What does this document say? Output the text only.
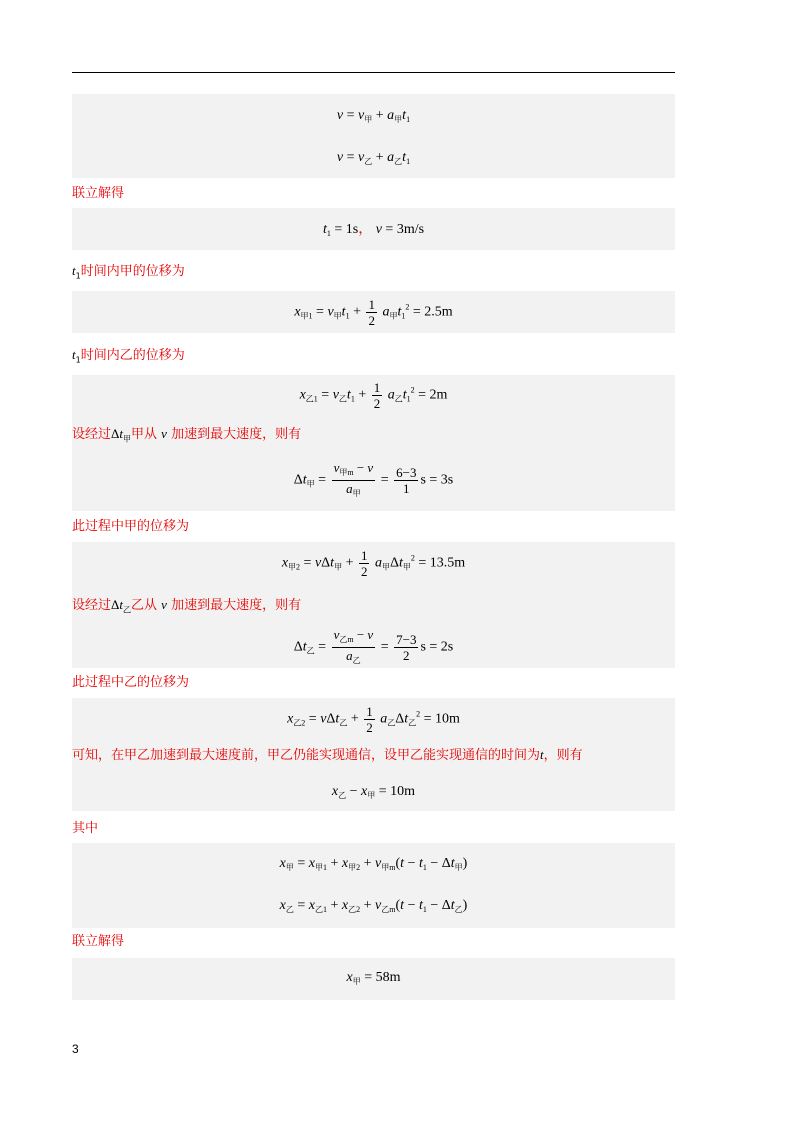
$v = v_甲 + a_甲t_1$
$v = v_乙 + a_乙t_1$
联立解得
$t_1 = 1s$， v = 3m/s
$t_1$时间内甲的位移为
$x_{甲1} = v_甲t_1 + \frac{1}{2} a_甲t_1^2 = 2.5m$
$t_1$时间内乙的位移为
$x_{乙1} = v_乙t_1 + \frac{1}{2} a_乙t_1^2 = 2m$
设经过$\Delta t_甲$甲从 v 加速到最大速度，则有
$\Delta t_甲 = \frac{v_{甲m} - v}{a_甲} = \frac{6-3}{1}$ s = 3s
此过程中甲的位移为
$x_{甲2} = v\Delta t_甲 + \frac{1}{2} a_甲\Delta t_甲^2 = 13.5m$
设经过$\Delta t_乙$乙从 v 加速到最大速度，则有
$\Delta t_乙 = \frac{v_{乙m} - v}{a_乙} = \frac{7-3}{2}$ s = 2s
此过程中乙的位移为
$x_{乙2} = v\Delta t_乙 + \frac{1}{2} a_乙\Delta t_乙^2 = 10m$
可知，在甲乙加速到最大速度前，甲乙仍能实现通信，设甲乙能实现通信的时间为t，则有
$x_乙 - x_甲 = 10m$
其中
$x_甲 = x_{甲1} + x_{甲2} + v_{甲m}(t - t_1 - \Delta t_甲)$
$x_乙 = x_{乙1} + x_{乙2} + v_{乙m}(t - t_1 - \Delta t_乙)$
联立解得
$x_甲 = 58m$
3
